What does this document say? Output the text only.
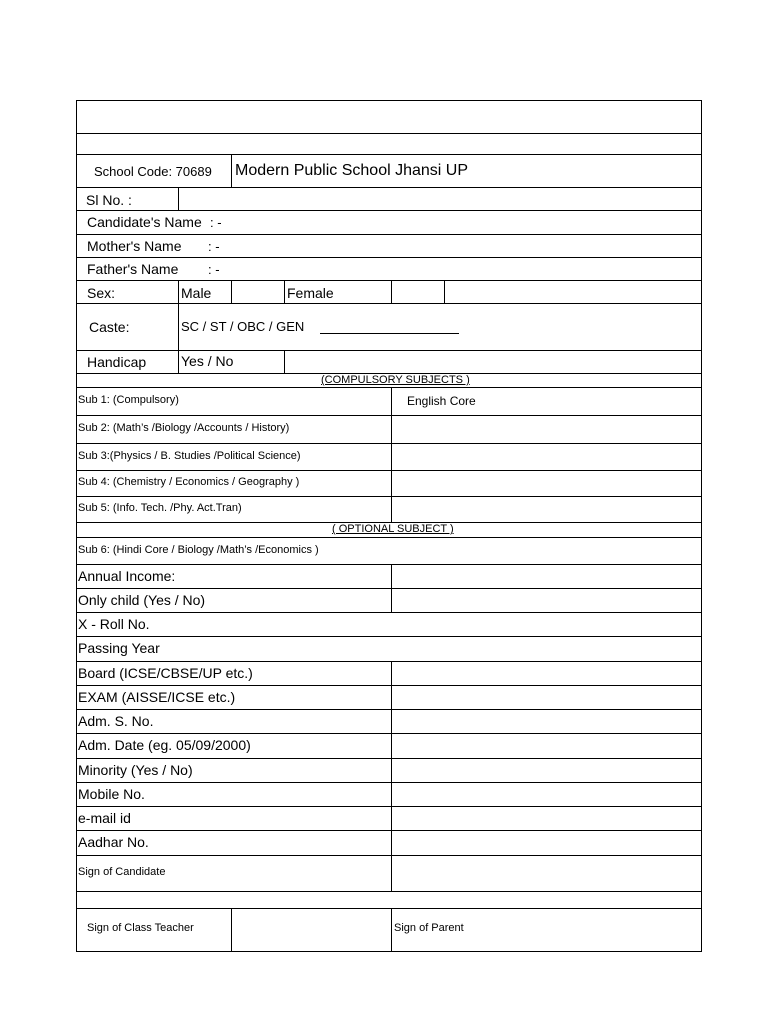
School Code: 70689 Modern Public School Jhansi UP
Sl No. :
Candidate's Name : -
Mother's Name : -
Father's Name : -
Sex:	Male	Female
Caste:	SC / ST / OBC / GEN
Handicap Yes / No
(COMPULSORY SUBJECTS )
Sub 1: (Compulsory)	English Core
Sub 2: (Math’s /Biology /Accounts / History)
Sub 3:(Physics / B. Studies /Political Science)
Sub 4: (Chemistry / Economics / Geography )
Sub 5: (Info. Tech. /Phy. Act.Tran)
( OPTIONAL SUBJECT )
Sub 6: (Hindi Core / Biology /Math’s /Economics )
Annual Income:
Only child (Yes / No)
X - Roll No.
Passing Year
Board (ICSE/CBSE/UP etc.)
EXAM (AISSE/ICSE etc.)
Adm. S. No.
Adm. Date (eg. 05/09/2000)
Minority (Yes / No)
Mobile No.
e-mail id
Aadhar No.
Sign of Candidate
Sign of Class Teacher	Sign of Parent
